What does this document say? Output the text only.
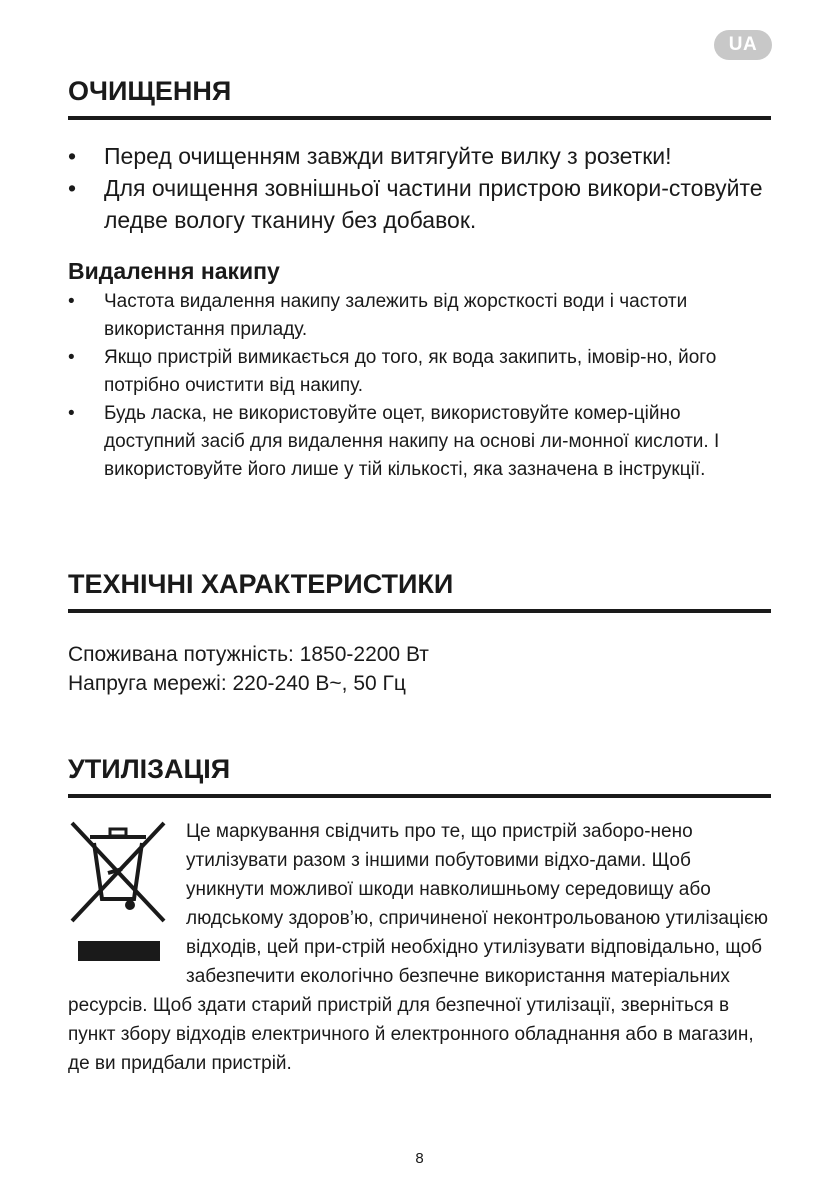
UA
ОЧИЩЕННЯ
• Перед очищенням завжди витягуйте вилку з розетки!
• Для очищення зовнішньої частини пристрою викори-стовуйте ледве вологу тканину без добавок.
Видалення накипу
• Частота видалення накипу залежить від жорсткості води і частоти використання приладу.
• Якщо пристрій вимикається до того, як вода закипить, імовір-но, його потрібно очистити від накипу.
• Будь ласка, не використовуйте оцет, використовуйте комер-ційно доступний засіб для видалення накипу на основі ли-монної кислоти. І використовуйте його лише у тій кількості, яка зазначена в інструкції.
ТЕХНІЧНІ ХАРАКТЕРИСТИКИ

Споживана потужність: 1850-2200 Вт

Напруга мережі: 220-240 В~, 50 Гц

УТИЛІЗАЦІЯ
Це маркування свідчить про те, що пристрій заборо-нено утилізувати разом з іншими побутовими відхо-дами. Щоб уникнути можливої шкоди навколишньому середовищу або людському здоров’ю, спричиненої неконтрольованою утилізацією відходів, цей при-стрій необхідно утилізувати відповідально, щоб забезпечити екологічно безпечне використання матеріальних ресурсів. Щоб здати старий пристрій для безпечної утилізації, зверніться в пункт збору відходів електричного й електронного обладнання або в магазин, де ви придбали пристрій.
8
